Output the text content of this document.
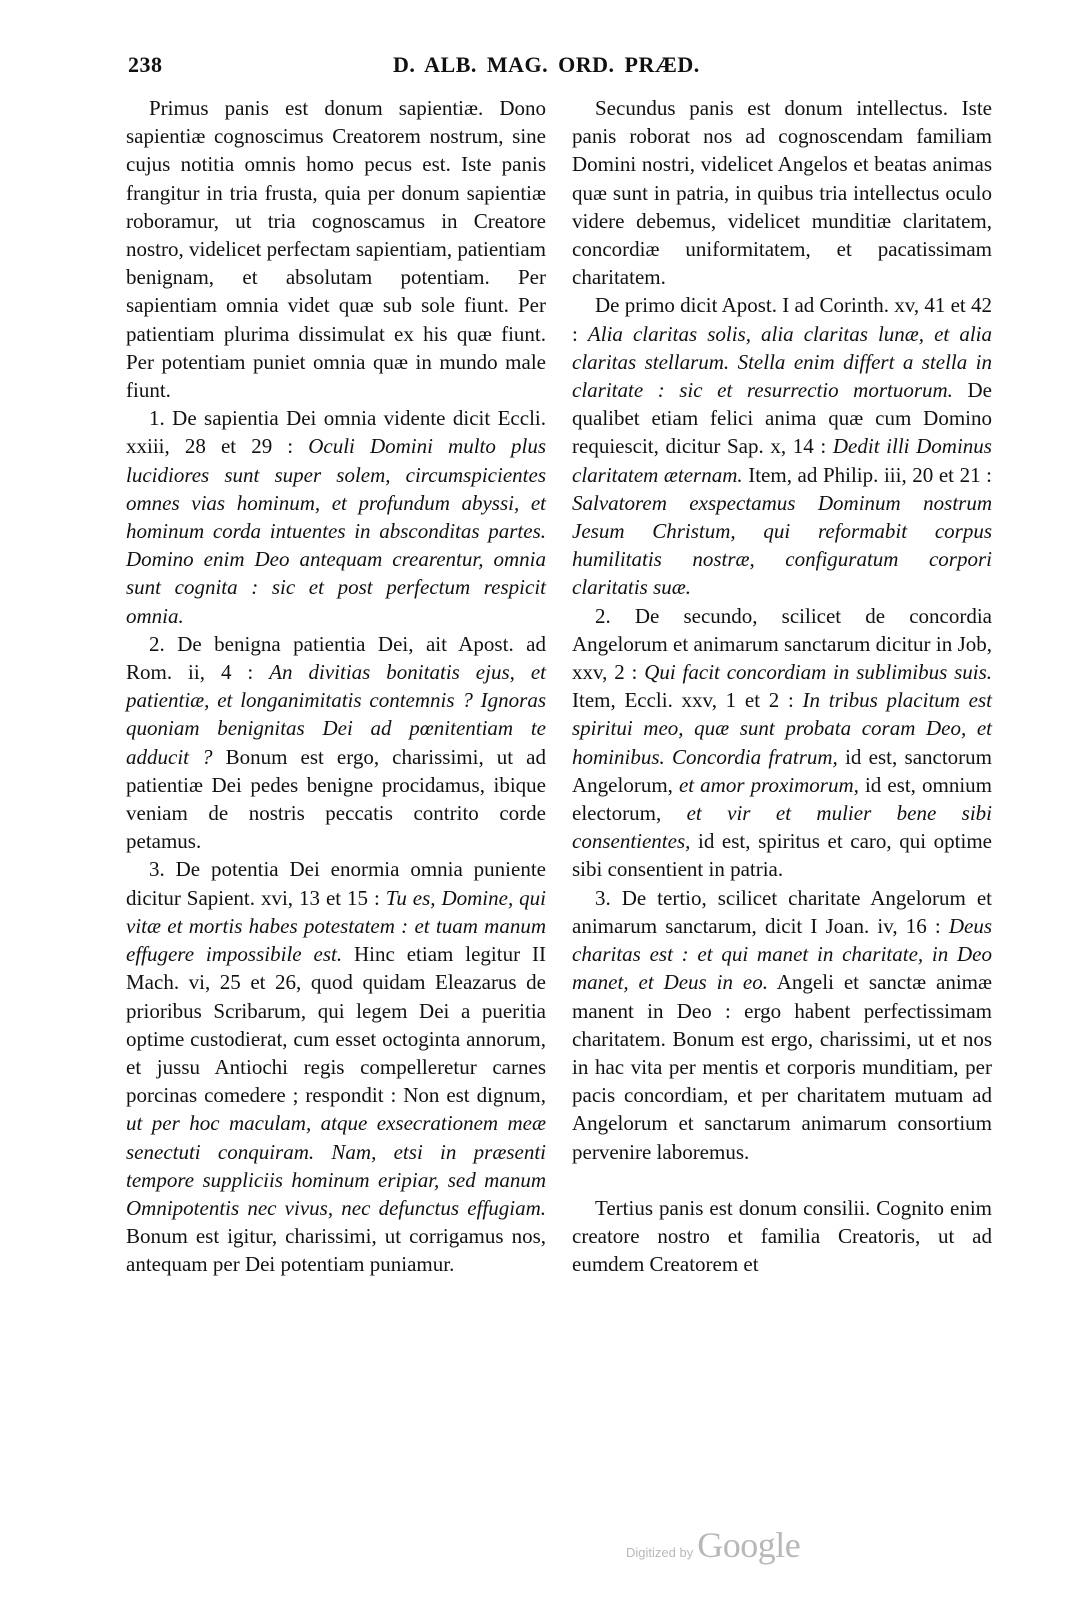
238	D. ALB. MAG. ORD. PRÆD.

Primus panis est donum sapientiæ. Dono sapientiæ cognoscimus Creatorem nostrum, sine cujus notitia omnis homo pecus est. Iste panis frangitur in tria frusta, quia per donum sapientiæ roboramur, ut tria cognoscamus in Creatore nostro, videlicet perfectam sapientiam, patientiam benignam, et absolutam potentiam. Per sapientiam omnia videt quæ sub sole fiunt. Per patientiam plurima dissimulat ex his quæ fiunt. Per potentiam puniet omnia quæ in mundo male fiunt.

1. De sapientia Dei omnia vidente dicit Eccli. xxiii, 28 et 29 : Oculi Domini multo plus lucidiores sunt super solem, circumspicientes omnes vias hominum, et profundum abyssi, et hominum corda intuentes in absconditas partes. Domino enim Deo antequam crearentur, omnia sunt cognita : sic et post perfectum respicit omnia.

2. De benigna patientia Dei, ait Apost. ad Rom. ii, 4 : An divitias bonitatis ejus, et patientiæ, et longanimitatis contemnis ? Ignoras quoniam benignitas Dei ad pœnitentiam te adducit ? Bonum est ergo, charissimi, ut ad patientiæ Dei pedes benigne procidamus, ibique veniam de nostris peccatis contrito corde petamus.

3. De potentia Dei enormia omnia puniente dicitur Sapient. xvi, 13 et 15 : Tu es, Domine, qui vitæ et mortis habes potestatem : et tuam manum effugere impossibile est. Hinc etiam legitur II Mach. vi, 25 et 26, quod quidam Eleazarus de prioribus Scribarum, qui legem Dei a pueritia optime custodierat, cum esset octoginta annorum, et jussu Antiochi regis compelleretur carnes porcinas comedere ; respondit : Non est dignum, ut per hoc maculam, atque exsecrationem meæ senectuti conquiram. Nam, etsi in præsenti tempore suppliciis hominum eripiar, sed manum Omnipotentis nec vivus, nec defunctus effugiam. Bonum est igitur, charissimi, ut corrigamus nos, antequam per Dei potentiam puniamur.

Secundus panis est donum intellectus. Iste panis roborat nos ad cognoscendam familiam Domini nostri, videlicet Angelos et beatas animas quæ sunt in patria, in quibus tria intellectus oculo videre debemus, videlicet munditiæ claritatem, concordiæ uniformitatem, et pacatissimam charitatem.

De primo dicit Apost. I ad Corinth. xv, 41 et 42 : Alia claritas solis, alia claritas lunæ, et alia claritas stellarum. Stella enim differt a stella in claritate : sic et resurrectio mortuorum. De qualibet etiam felici anima quæ cum Domino requiescit, dicitur Sap. x, 14 : Dedit illi Dominus claritatem æternam. Item, ad Philip. iii, 20 et 21 : Salvatorem exspectamus Dominum nostrum Jesum Christum, qui reformabit corpus humilitatis nostræ, configuratum corpori claritatis suæ.

2. De secundo, scilicet de concordia Angelorum et animarum sanctarum dicitur in Job, xxv, 2 : Qui facit concordiam in sublimibus suis. Item, Eccli. xxv, 1 et 2 : In tribus placitum est spiritui meo, quæ sunt probata coram Deo, et hominibus. Concordia fratrum, id est, sanctorum Angelorum, et amor proximorum, id est, omnium electorum, et vir et mulier bene sibi consentientes, id est, spiritus et caro, qui optime sibi consentient in patria.

3. De tertio, scilicet charitate Angelorum et animarum sanctarum, dicit I Joan. iv, 16 : Deus charitas est : et qui manet in charitate, in Deo manet, et Deus in eo. Angeli et sanctæ animæ manent in Deo : ergo habent perfectissimam charitatem. Bonum est ergo, charissimi, ut et nos in hac vita per mentis et corporis munditiam, per pacis concordiam, et per charitatem mutuam ad Angelorum et sanctarum animarum consortium pervenire laboremus.

Tertius panis est donum consilii. Cognito enim creatore nostro et familia Creatoris, ut ad eumdem Creatorem et

Digitized by Google
